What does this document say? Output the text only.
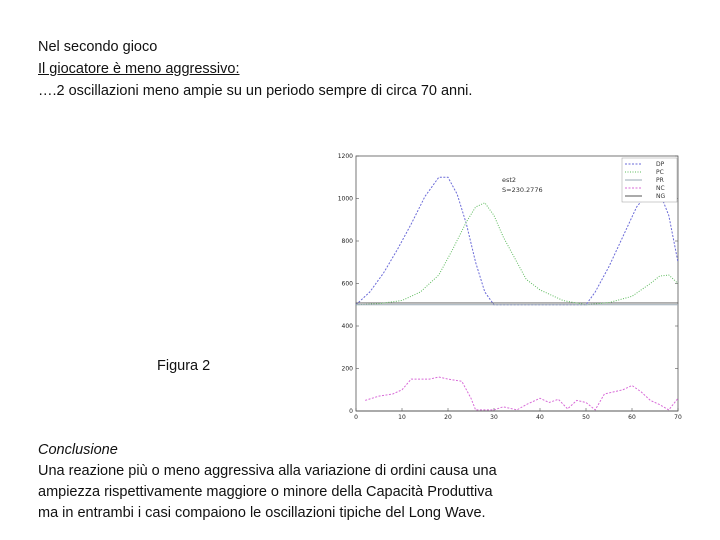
Nel secondo gioco
Il giocatore è meno aggressivo:
….2 oscillazioni meno ampie su un periodo sempre di circa 70 anni.
Figura 2
0
200
400
600
800
1000
1200
0	10	20	30	40	50	60	70
est2
S=230.2776
DP
PC
PR
NC
NG
Conclusione
Una reazione più o meno aggressiva alla variazione di ordini causa una
ampiezza rispettivamente maggiore o minore della Capacità Produttiva
ma in entrambi i casi compaiono le oscillazioni tipiche del Long Wave.
